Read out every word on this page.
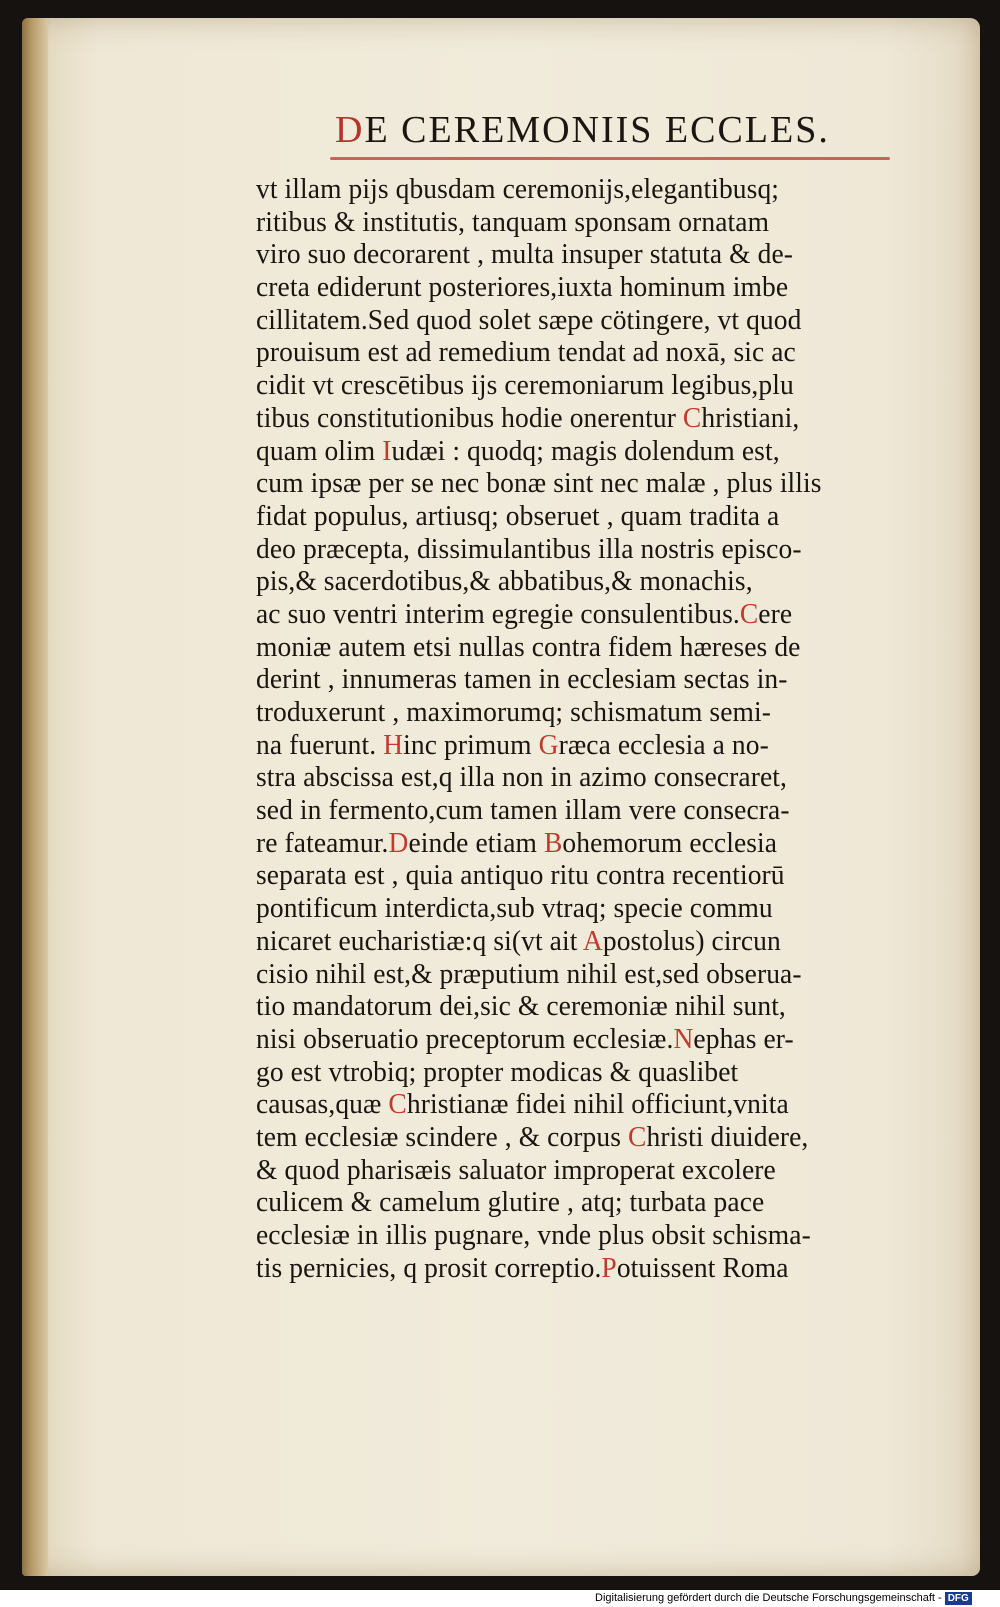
DE CEREMONIIS ECCLES.
vt illam pijs qbusdam ceremonijs,elegantibusq;
ritibus & institutis, tanquam sponsam ornatam
viro suo decorarent , multa insuper statuta & de-
creta ediderunt posteriores,iuxta hominum imbe
cillitatem.Sed quod solet sæpe cötingere, vt quod
prouisum est ad remedium tendat ad noxā, sic ac
cidit vt crescētibus ijs ceremoniarum legibus,plu
tibus constitutionibus hodie onerentur Christiani,
quam olim Iudæi : quodq; magis dolendum est,
cum ipsæ per se nec bonæ sint nec malæ , plus illis
fidat populus, artiusq; obseruet , quam tradita a
deo præcepta, dissimulantibus illa nostris episco-
pis,& sacerdotibus,& abbatibus,& monachis,
ac suo ventri interim egregie consulentibus.Cere
moniæ autem etsi nullas contra fidem hæreses de
derint , innumeras tamen in ecclesiam sectas in-
troduxerunt , maximorumq; schismatum semi-
na fuerunt. Hinc primum Græca ecclesia a no-
stra abscissa est,q illa non in azimo consecraret,
sed in fermento,cum tamen illam vere consecra-
re fateamur.Deinde etiam Bohemorum ecclesia
separata est , quia antiquo ritu contra recentiorū
pontificum interdicta,sub vtraq; specie commu
nicaret eucharistiæ:q si(vt ait Apostolus) circun
cisio nihil est,& præputium nihil est,sed obserua-
tio mandatorum dei,sic & ceremoniæ nihil sunt,
nisi obseruatio preceptorum ecclesiæ.Nephas er-
go est vtrobiq; propter modicas & quaslibet
causas,quæ Christianæ fidei nihil officiunt,vnita
tem ecclesiæ scindere , & corpus Christi diuidere,
& quod pharisæis saluator improperat excolere
culicem & camelum glutire , atq; turbata pace
ecclesiæ in illis pugnare, vnde plus obsit schisma-
tis pernicies, q prosit correptio.Potuissent Roma
Digitalisierung gefördert durch die Deutsche Forschungsgemeinschaft - DFG
